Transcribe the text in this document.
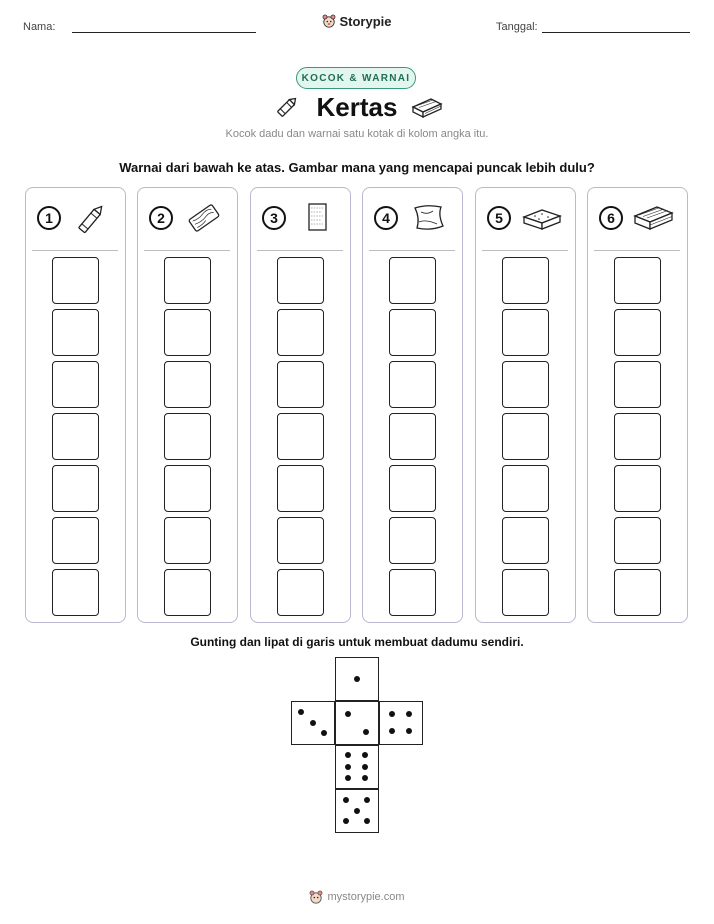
Nama:	Tanggal:
Storypie
KOCOK & WARNAI
Kertas
Kocok dadu dan warnai satu kotak di kolom angka itu.
Warnai dari bawah ke atas. Gambar mana yang mencapai puncak lebih dulu?
1	2	3	4	5	6
Gunting dan lipat di garis untuk membuat dadumu sendiri.
mystorypie.com
